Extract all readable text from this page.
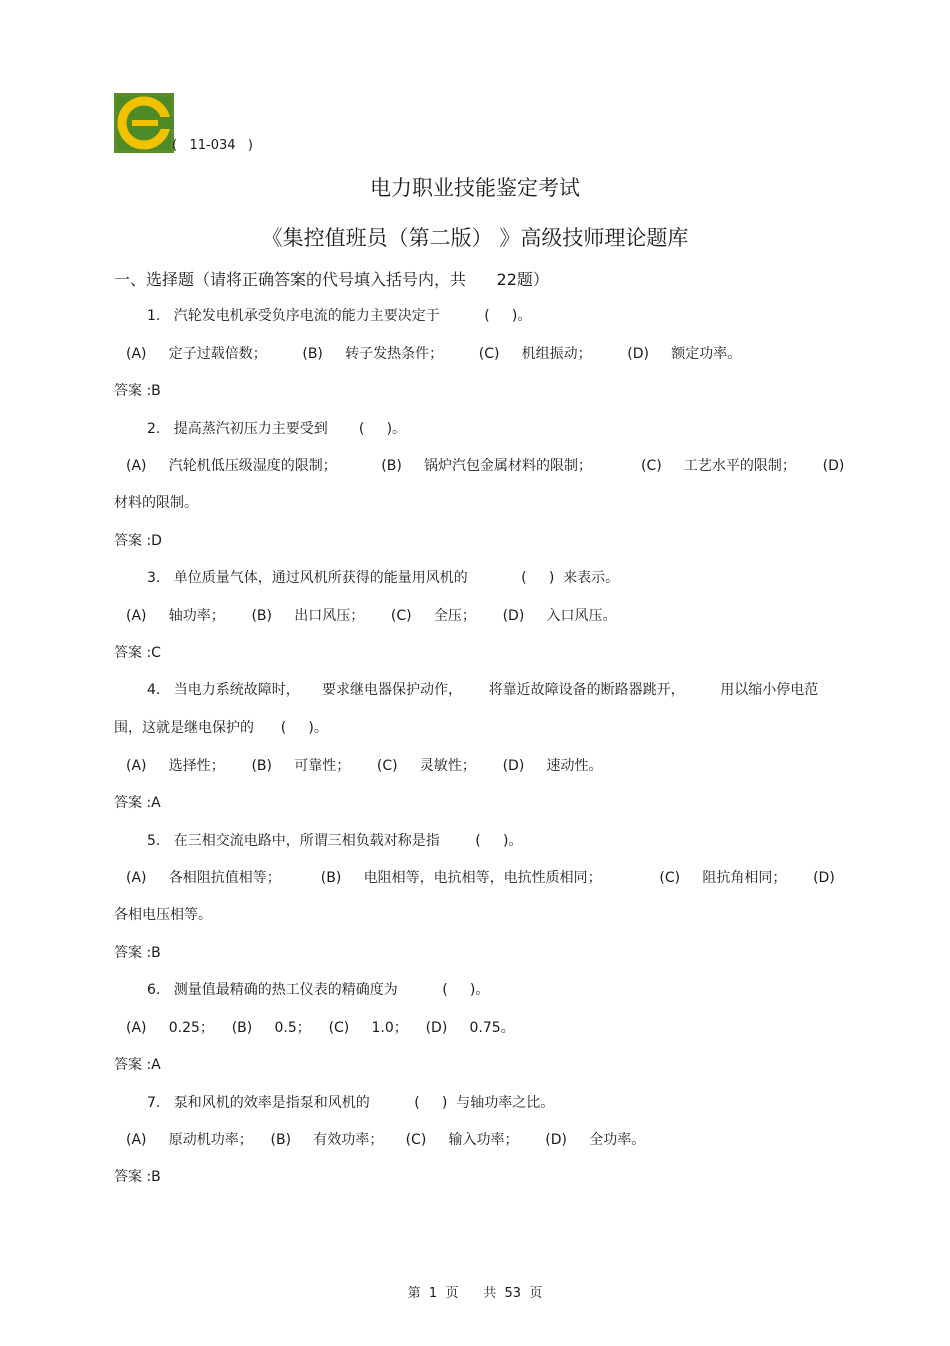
(   11-034   )
电力职业技能鉴定考试
《集控值班员（第二版） 》高级技师理论题库
一、选择题（请将正确答案的代号填入括号内，共      22题）
1.   汽轮发电机承受负序电流的能力主要决定于          (     )。
(A)     定子过载倍数；        (B)     转子发热条件；        (C)     机组振动；        (D)     额定功率。
答案 :B
2.   提高蒸汽初压力主要受到       (     )。
(A)     汽轮机低压级湿度的限制；          (B)     锅炉汽包金属材料的限制；           (C)     工艺水平的限制；      (D)
材料的限制。
答案 :D
3.   单位质量气体，通过风机所获得的能量用风机的            (     )  来表示。
(A)     轴功率；      (B)     出口风压；      (C)     全压；      (D)     入口风压。
答案 :C
4.   当电力系统故障时，     要求继电器保护动作，      将靠近故障设备的断路器跳开，        用以缩小停电范
围，这就是继电保护的      (     )。
(A)     选择性；      (B)     可靠性；      (C)     灵敏性；      (D)     速动性。
答案 :A
5.   在三相交流电路中，所谓三相负载对称是指        (     )。
(A)     各相阻抗值相等；         (B)     电阻相等，电抗相等，电抗性质相同；             (C)     阻抗角相同；      (D)
各相电压相等。
答案 :B
6.   测量值最精确的热工仪表的精确度为          (     )。
(A)     0.25；    (B)     0.5；    (C)     1.0；    (D)     0.75。
答案 :A
7.   泵和风机的效率是指泵和风机的          (     )  与轴功率之比。
(A)     原动机功率；    (B)     有效功率；     (C)     输入功率；      (D)     全功率。
答案 :B
第  1  页      共  53  页
